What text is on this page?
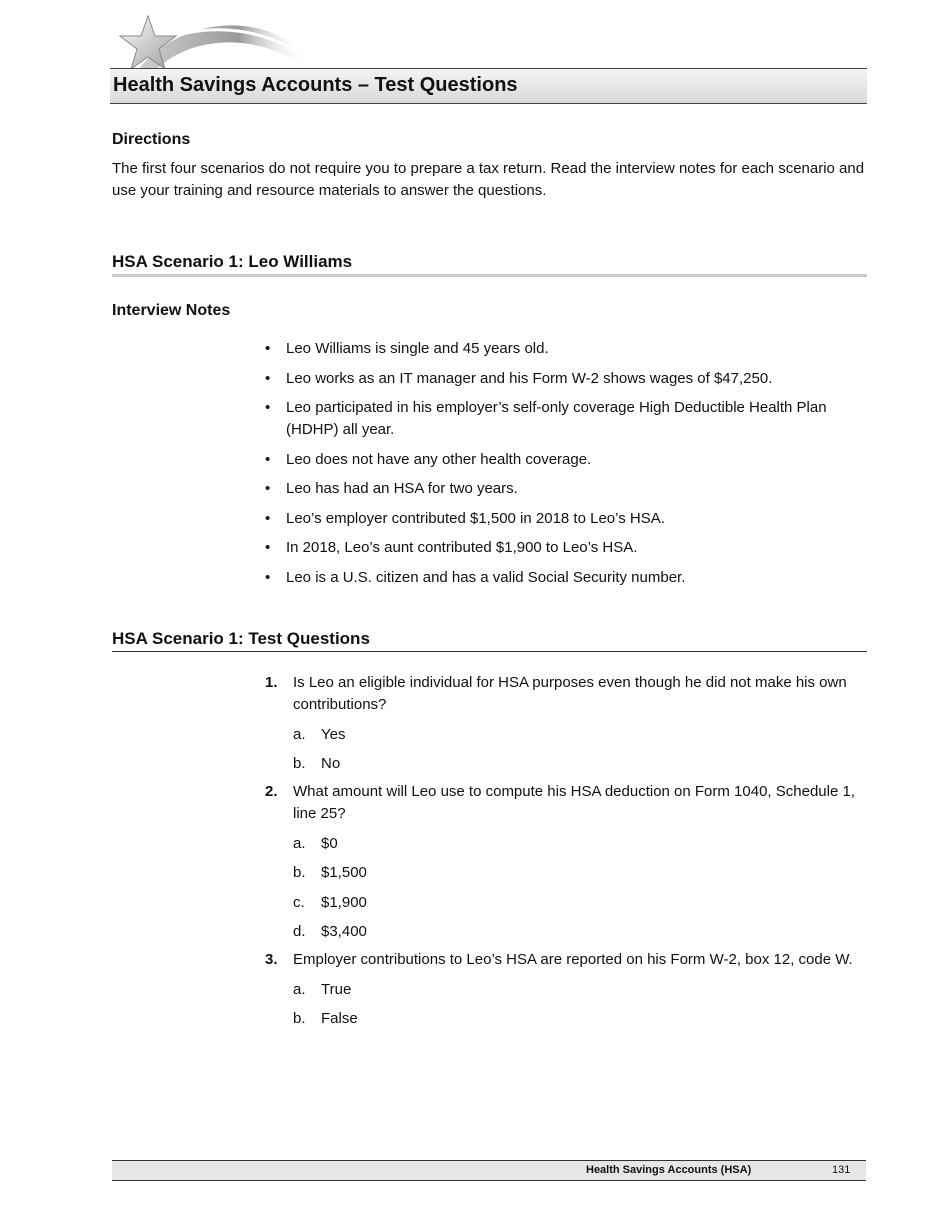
Health Savings Accounts – Test Questions
Directions

The first four scenarios do not require you to prepare a tax return. Read the interview notes for each scenario and use your training and resource materials to answer the questions.

HSA Scenario 1: Leo Williams
Interview Notes
• Leo Williams is single and 45 years old.
• Leo works as an IT manager and his Form W-2 shows wages of $47,250.
• Leo participated in his employer’s self-only coverage High Deductible Health Plan (HDHP) all year.
• Leo does not have any other health coverage.
• Leo has had an HSA for two years.
• Leo’s employer contributed $1,500 in 2018 to Leo’s HSA.
• In 2018, Leo’s aunt contributed $1,900 to Leo’s HSA.
• Leo is a U.S. citizen and has a valid Social Security number.
HSA Scenario 1: Test Questions
1. Is Leo an eligible individual for HSA purposes even though he did not make his own contributions?
a. Yes
b. No
2. What amount will Leo use to compute his HSA deduction on Form 1040, Schedule 1, line 25?
a. $0
b. $1,500
c. $1,900
d. $3,400
3. Employer contributions to Leo’s HSA are reported on his Form W-2, box 12, code W.
a. True
b. False
Health Savings Accounts (HSA)	131
